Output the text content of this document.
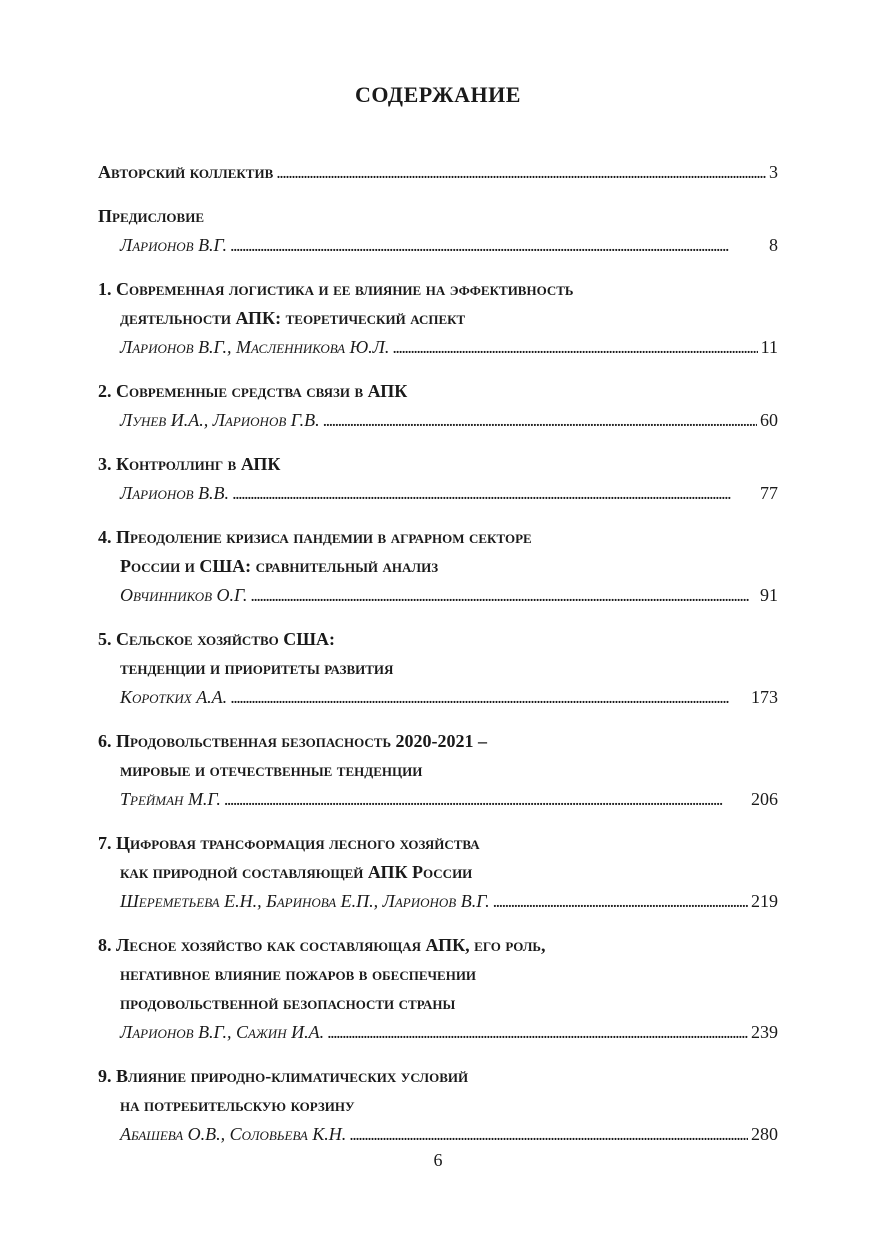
СОДЕРЖАНИЕ
Авторский коллектив . . .	3
Предисловие
Ларионов В.Г. . . .	8
1. Современная логистика и ее влияние на эффективность
деятельности АПК: теоретический аспект
Ларионов В.Г., Масленникова Ю.Л. . . .	11
2. Современные средства связи в АПК
Лунев И.А., Ларионов Г.В. . . .	60
3. Контроллинг в АПК
Ларионов В.В. . . .	77
4. Преодоление кризиса пандемии в аграрном секторе
России и США: сравнительный анализ
Овчинников О.Г. . . .	91
5. Сельское хозяйство США:
тенденции и приоритеты развития
Коротких А.А. . . .	173
6. Продовольственная безопасность 2020-2021 –
мировые и отечественные тенденции
Трейман М.Г. . . .	206
7. Цифровая трансформация лесного хозяйства
как природной составляющей АПК России
Шереметьева Е.Н., Баринова Е.П., Ларионов В.Г. . . .	219
8. Лесное хозяйство как составляющая АПК, его роль,
негативное влияние пожаров в обеспечении
продовольственной безопасности страны
Ларионов В.Г., Сажин И.А. . . .	239
9. Влияние природно-климатических условий
на потребительскую корзину
Абашева О.В., Соловьева К.Н. . . .	280
6
